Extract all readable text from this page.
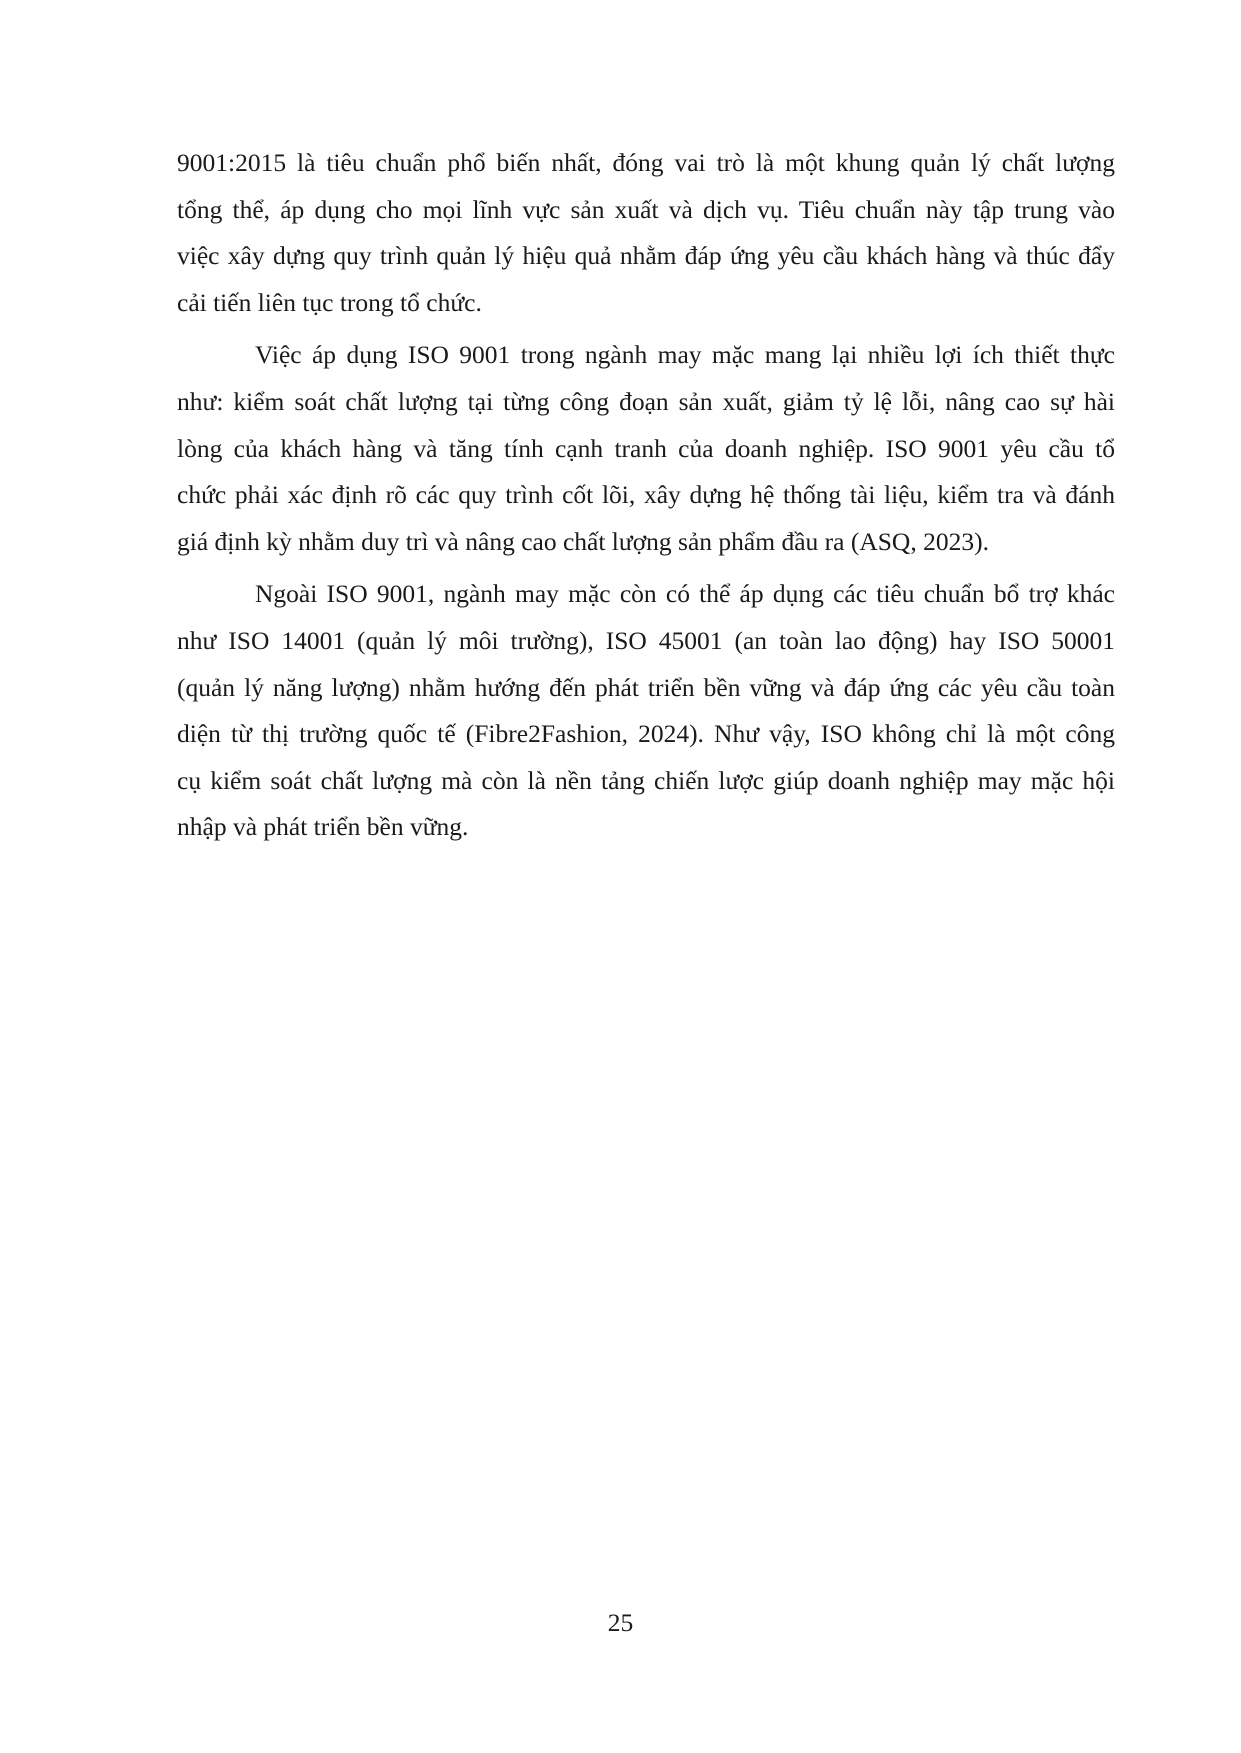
9001:2015 là tiêu chuẩn phổ biến nhất, đóng vai trò là một khung quản lý chất lượng
tổng thể, áp dụng cho mọi lĩnh vực sản xuất và dịch vụ. Tiêu chuẩn này tập trung vào
việc xây dựng quy trình quản lý hiệu quả nhằm đáp ứng yêu cầu khách hàng và thúc đẩy
cải tiến liên tục trong tổ chức.

Việc áp dụng ISO 9001 trong ngành may mặc mang lại nhiều lợi ích thiết thực
như: kiểm soát chất lượng tại từng công đoạn sản xuất, giảm tỷ lệ lỗi, nâng cao sự hài
lòng của khách hàng và tăng tính cạnh tranh của doanh nghiệp. ISO 9001 yêu cầu tổ
chức phải xác định rõ các quy trình cốt lõi, xây dựng hệ thống tài liệu, kiểm tra và đánh
giá định kỳ nhằm duy trì và nâng cao chất lượng sản phẩm đầu ra (ASQ, 2023).

Ngoài ISO 9001, ngành may mặc còn có thể áp dụng các tiêu chuẩn bổ trợ khác
như ISO 14001 (quản lý môi trường), ISO 45001 (an toàn lao động) hay ISO 50001
(quản lý năng lượng) nhằm hướng đến phát triển bền vững và đáp ứng các yêu cầu toàn
diện từ thị trường quốc tế (Fibre2Fashion, 2024). Như vậy, ISO không chỉ là một công
cụ kiểm soát chất lượng mà còn là nền tảng chiến lược giúp doanh nghiệp may mặc hội
nhập và phát triển bền vững.

25
